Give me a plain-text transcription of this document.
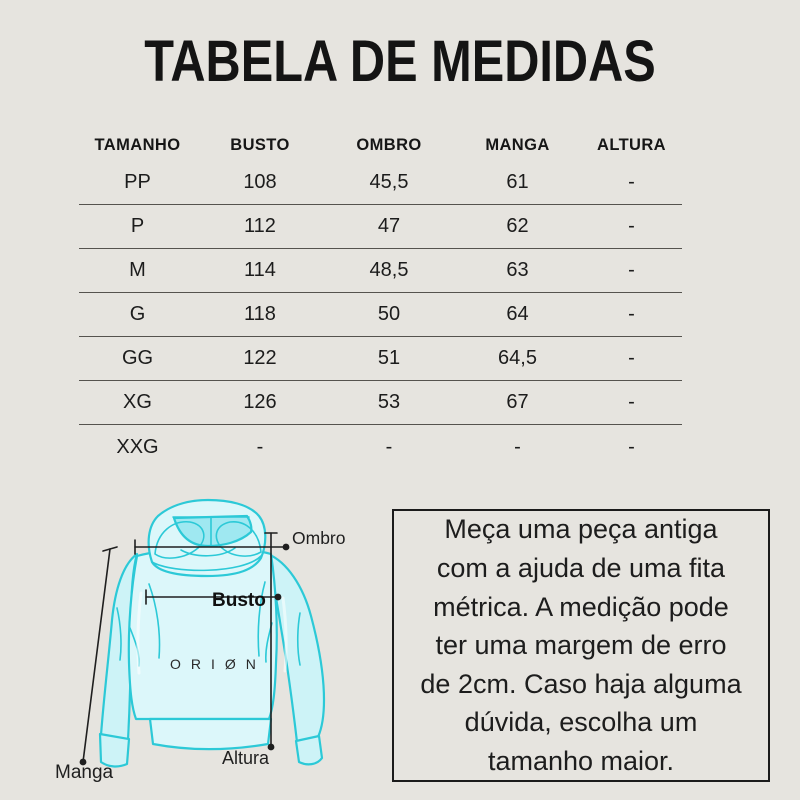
TABELA DE MEDIDAS
TAMANHO	BUSTO	OMBRO	MANGA	ALTURA
PP	108	45,5	61	-
P	112	47	62	-
M	114	48,5	63	-
G	118	50	64	-
GG	122	51	64,5	-
XG	126	53	67	-
XXG	-	-	-	-
Ombro
Busto
Altura
Manga
ORIØN
Meça uma peça antiga
com a ajuda de uma fita
métrica. A medição pode
ter uma margem de erro
de 2cm. Caso haja alguma
dúvida, escolha um
tamanho maior.
